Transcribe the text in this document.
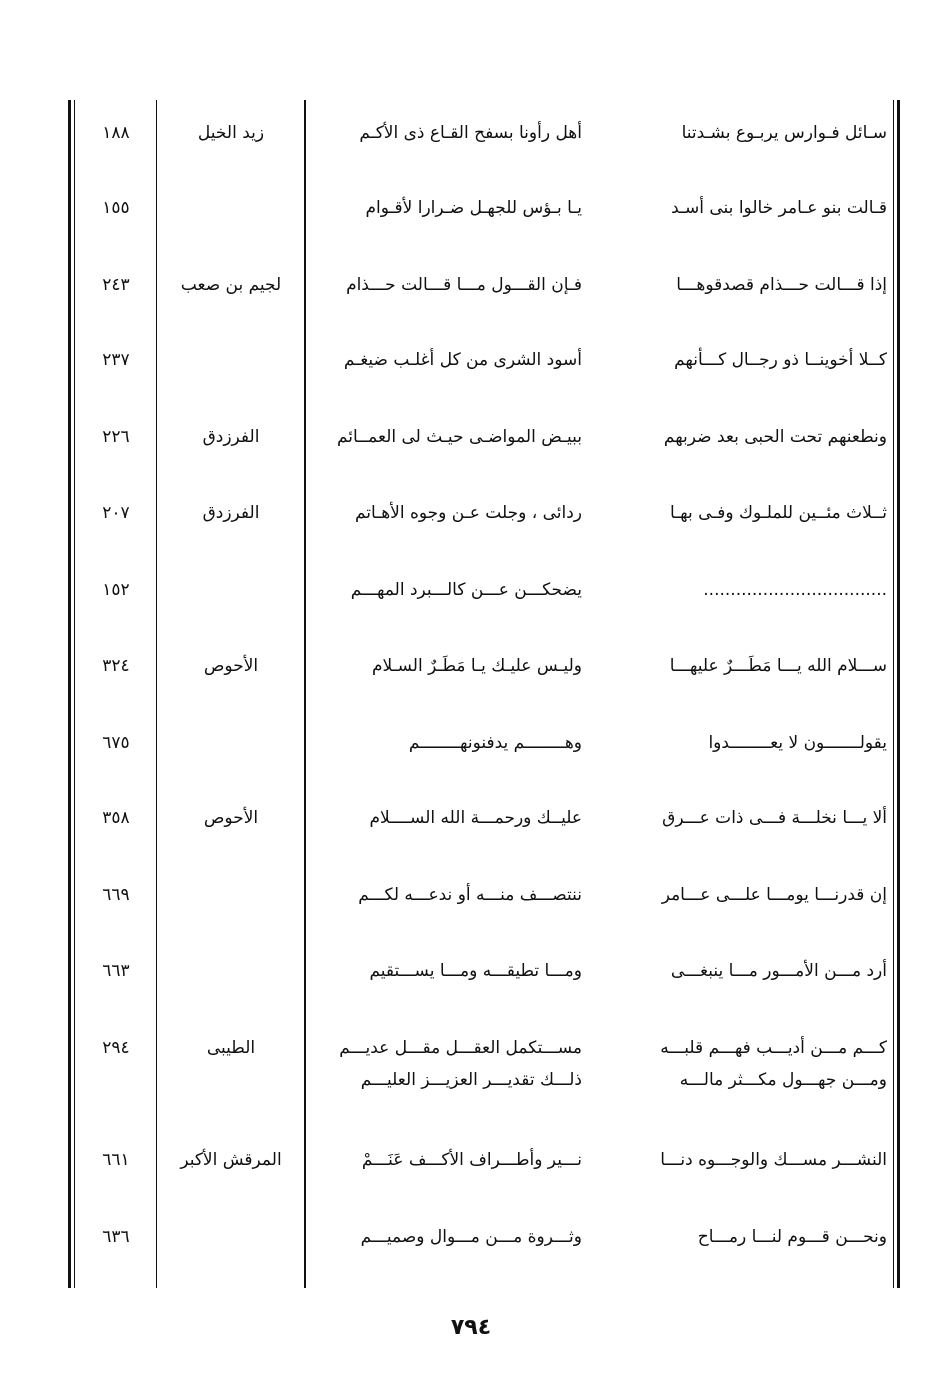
سـائل فـوارس يربـوع بشـدتنا
أهل رأونا بسفح القـاع ذى الأكـم
زيد الخيل
١٨٨
قـالت بنو عـامر خالوا بنى أسـد
يـا بـؤس للجهـل ضـرارا لأقـوام
١٥٥
إذا قـــالت حـــذام قصدقوهـــا
فـإن القـــول مـــا قـــالت حـــذام
لجيم بن صعب
٢٤٣
كــلا أخوينــا ذو رجــال كـــأنهم
أسود الشرى من كل أغلـب ضيغـم
٢٣٧
ونطعنهم تحت الحبى بعد ضربهم
ببيـض المواضـى حيـث لى العمــائم
الفرزدق
٢٢٦
ثــلاث مئــين للملـوك وفـى بهـا
ردائى ، وجلت عـن وجوه الأهـاتم
الفرزدق
٢٠٧
..................................
يضحكـــن عـــن كالـــبرد المهـــم
١٥٢
ســـلام الله يـــا مَطَـــرٌ عليهـــا
وليـس عليـك يـا مَطَـرٌ السـلام
الأحوص
٣٢٤
يقولـــــــون لا يعــــــــدوا
وهــــــــم يدفنونهــــــــم
٦٧٥
ألا يـــا نخلـــة فـــى ذات عـــرق
عليــك ورحمـــة الله الســــلام
الأحوص
٣٥٨
إن قدرنـــا يومـــا علـــى عـــامر
ننتصـــف منـــه أو ندعـــه لكـــم
٦٦٩
أرد مـــن الأمـــور مـــا ينبغـــى
ومـــا تطيقـــه ومـــا يســـتقيم
٦٦٣
كـــم مـــن أديـــب فهـــم قلبـــه
مســـتكمل العقـــل مقـــل عديـــم
ومـــن جهـــول مكـــثر مالـــه
ذلـــك تقديـــر العزيـــز العليـــم
الطيبى
٢٩٤
النشـــر مســـك والوجـــوه دنـــا
نـــير وأطـــراف الأكـــف عَنَـــمْ
المرقش الأكبر
٦٦١
ونحـــن قـــوم لنـــا رمـــاح
وثـــروة مـــن مـــوال وصميـــم
٦٣٦
٧٩٤
